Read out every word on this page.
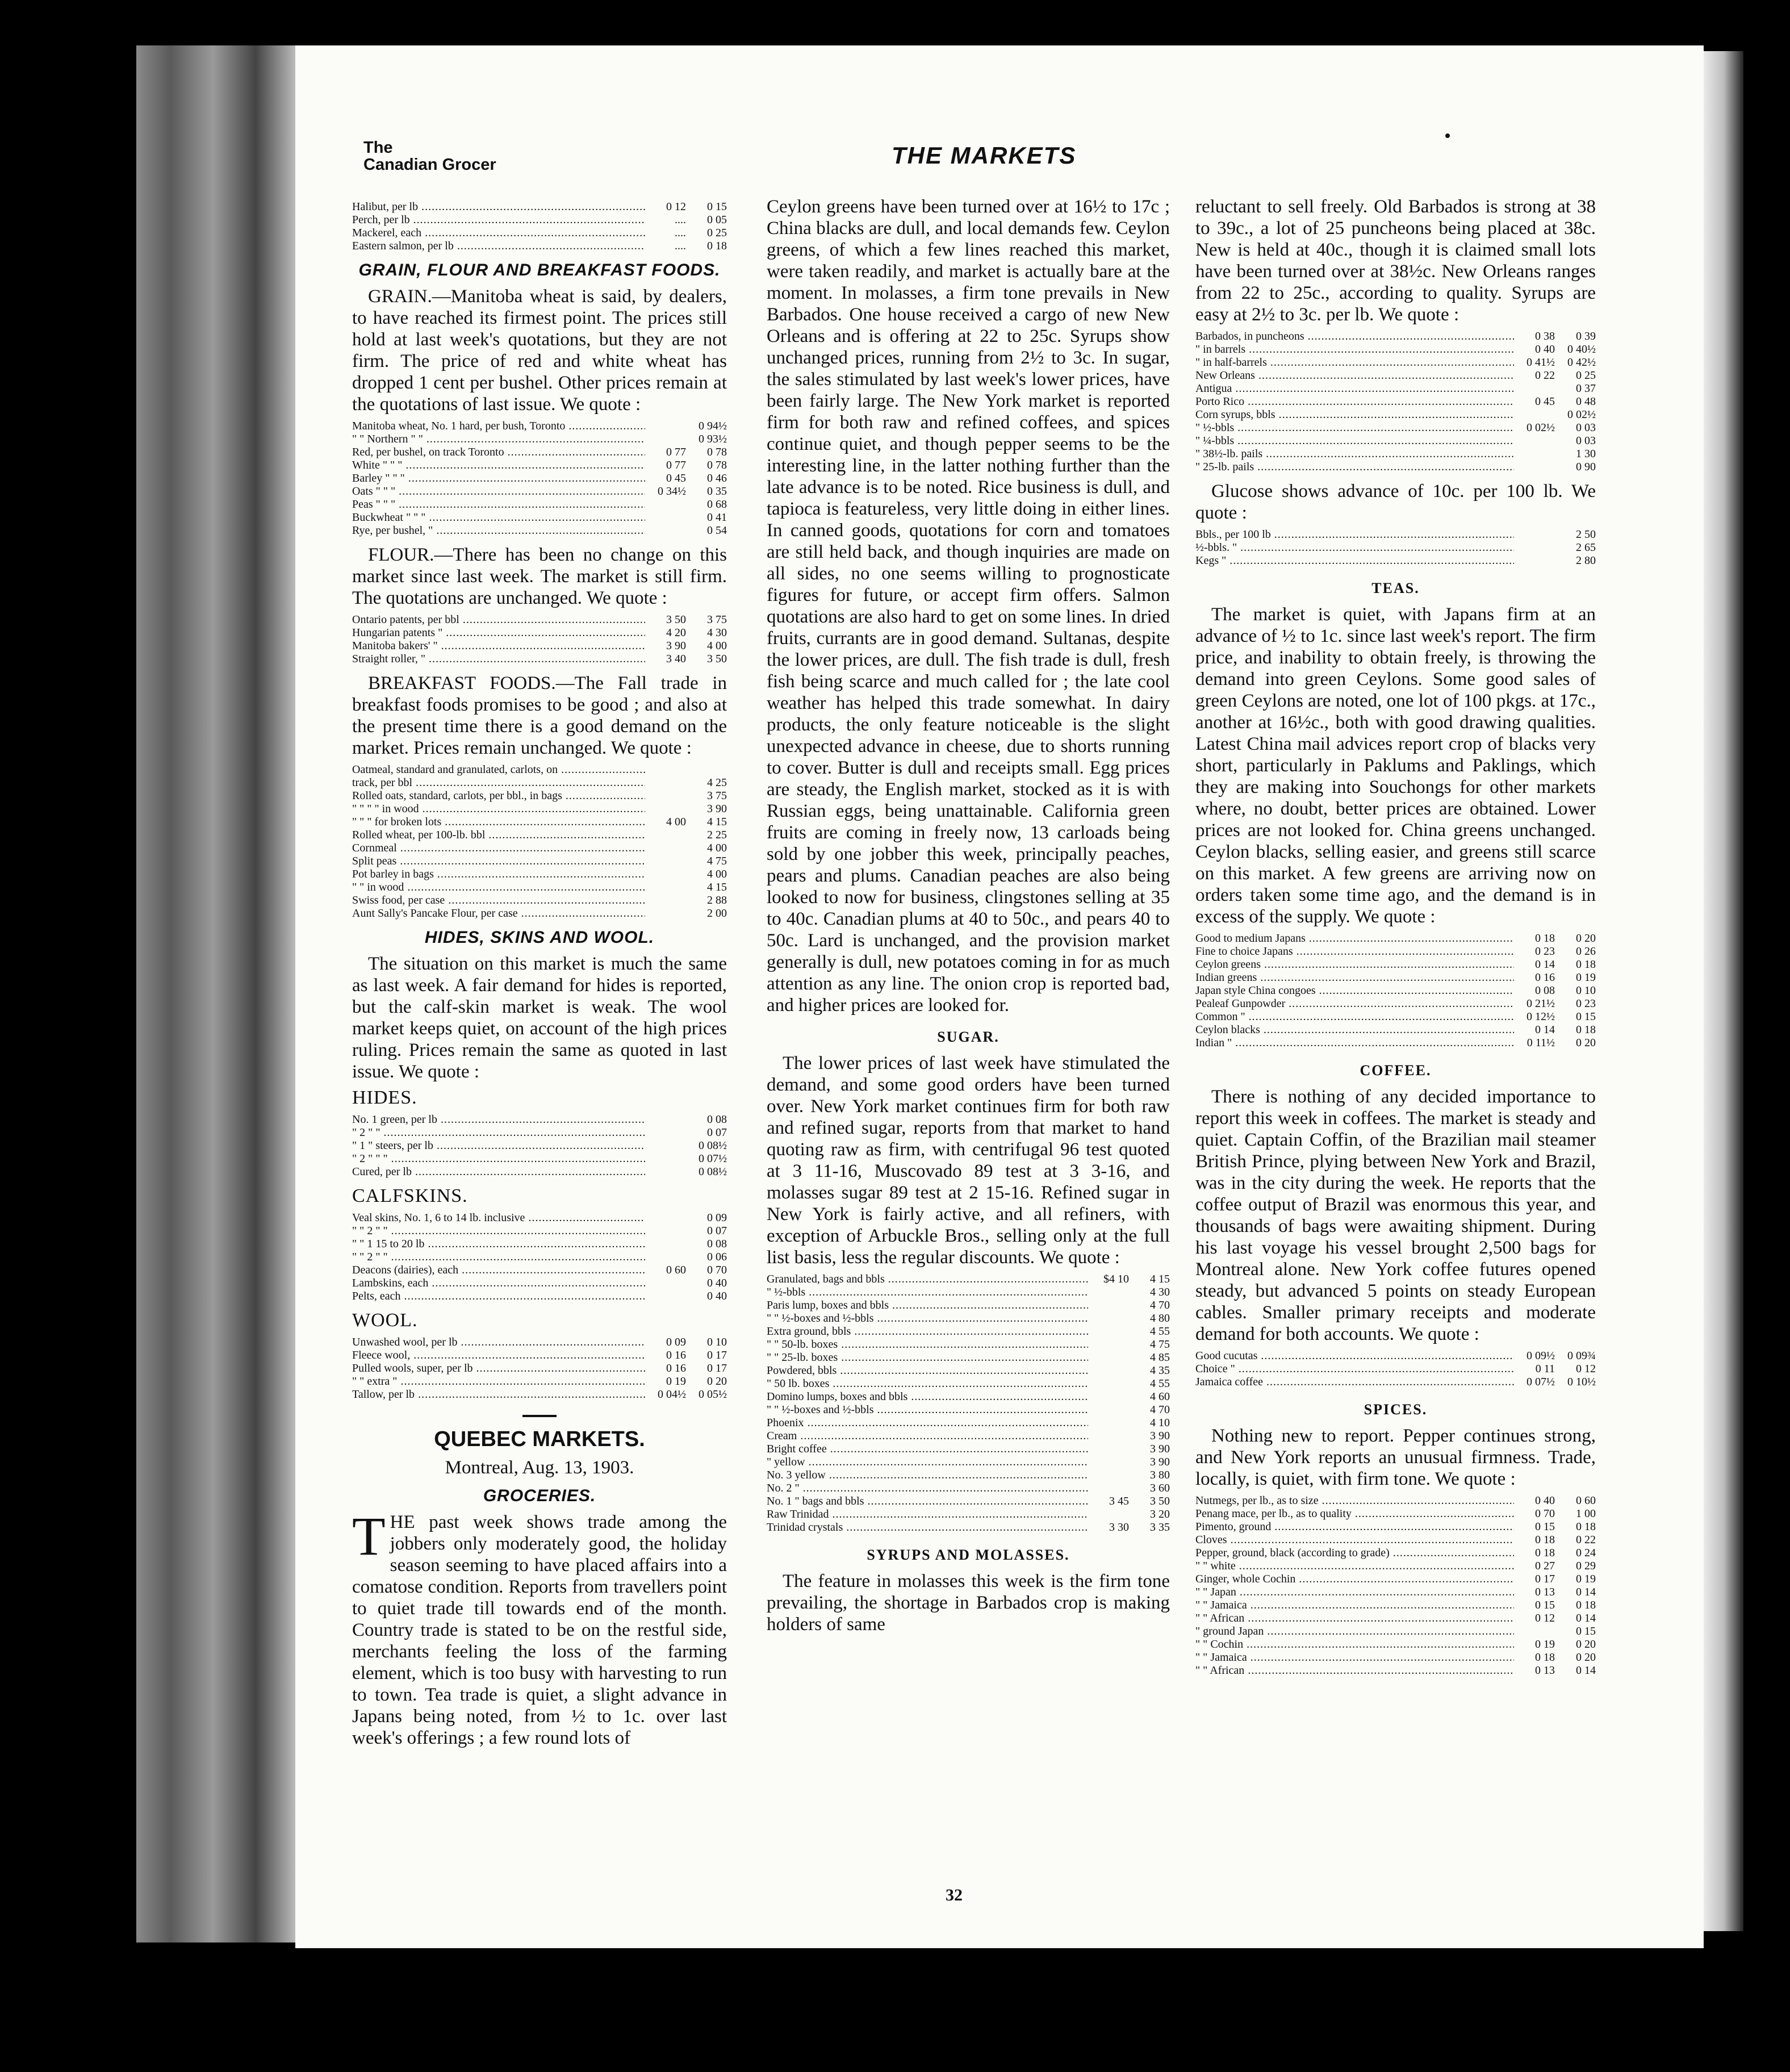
The
Canadian Grocer	THE MARKETS
Halibut, per lb .....	0 12	0 15
Perch, per lb .....	....	0 05
Mackerel, each .....	....	0 25
Eastern salmon, per lb .....	....	0 18
GRAIN, FLOUR AND BREAKFAST FOODS.

GRAIN.—Manitoba wheat is said, by dealers, to have reached its firmest point. The prices still hold at last week's quotations, but they are not firm. The price of red and white wheat has dropped 1 cent per bushel. Other prices remain at the quotations of last issue. We quote :

Manitoba wheat, No. 1 hard, per bush, Toronto .....	0 94½
" " Northern " " .....	0 93½
Red, per bushel, on track Toronto .....	0 77	0 78
White " " " .....	0 77	0 78
Barley " " " .....	0 45	0 46
Oats " " " .....	0 34½	0 35
Peas " " " .....	0 68
Buckwheat " " " .....	0 41
Rye, per bushel, " .....	0 54

FLOUR.—There has been no change on this market since last week. The market is still firm. The quotations are unchanged. We quote :

Ontario patents, per bbl .....	3 50	3 75
Hungarian patents " .....	4 20	4 30
Manitoba bakers' " .....	3 90	4 00
Straight roller, " .....	3 40	3 50

BREAKFAST FOODS.—The Fall trade in breakfast foods promises to be good ; and also at the present time there is a good demand on the market. Prices remain unchanged. We quote :

Oatmeal, standard and granulated, carlots, on .....
track, per bbl .....	4 25
Rolled oats, standard, carlots, per bbl., in bags .....	3 75
" " " " in wood .....	3 90
" " " for broken lots .....	4 00	4 15
Rolled wheat, per 100-lb. bbl .....	2 25
Cornmeal .....	4 00
Split peas .....	4 75
Pot barley in bags .....	4 00
" " in wood .....	4 15
Swiss food, per case .....	2 88
Aunt Sally's Pancake Flour, per case .....	2 00
HIDES, SKINS AND WOOL.

The situation on this market is much the same as last week. A fair demand for hides is reported, but the calf-skin market is weak. The wool market keeps quiet, on account of the high prices ruling. Prices remain the same as quoted in last issue. We quote :

HIDES.
No. 1 green, per lb .....	0 08
" 2 " " .....	0 07
" 1 " steers, per lb .....	0 08½
" 2 " " " .....	0 07½
Cured, per lb .....	0 08½
CALFSKINS.
Veal skins, No. 1, 6 to 14 lb. inclusive .....	0 09
" " 2 " " .....	0 07
" " 1 15 to 20 lb .....	0 08
" " 2 " " .....	0 06
Deacons (dairies), each .....	0 60	0 70
Lambskins, each .....	0 40
Pelts, each .....	0 40
WOOL.
Unwashed wool, per lb .....	0 09	0 10
Fleece wool, .....	0 16	0 17
Pulled wools, super, per lb .....	0 16	0 17
" " extra " .....	0 19	0 20
Tallow, per lb .....	0 04½	0 05½
QUEBEC MARKETS.
Montreal, Aug. 13, 1903.
GROCERIES.

THE past week shows trade among the jobbers only moderately good, the holiday season seeming to have placed affairs into a comatose condition. Reports from travellers point to quiet trade till towards end of the month. Country trade is stated to be on the restful side, merchants feeling the loss of the farming element, which is too busy with harvesting to run to town. Tea trade is quiet, a slight advance in Japans being noted, from ½ to 1c. over last week's offerings ; a few round lots of

Ceylon greens have been turned over at 16½ to 17c ; China blacks are dull, and local demands few. Ceylon greens, of which a few lines reached this market, were taken readily, and market is actually bare at the moment. In molasses, a firm tone prevails in New Barbados. One house received a cargo of new New Orleans and is offering at 22 to 25c. Syrups show unchanged prices, running from 2½ to 3c. In sugar, the sales stimulated by last week's lower prices, have been fairly large. The New York market is reported firm for both raw and refined coffees, and spices continue quiet, and though pepper seems to be the interesting line, in the latter nothing further than the late advance is to be noted. Rice business is dull, and tapioca is featureless, very little doing in either lines. In canned goods, quotations for corn and tomatoes are still held back, and though inquiries are made on all sides, no one seems willing to prognosticate figures for future, or accept firm offers. Salmon quotations are also hard to get on some lines. In dried fruits, currants are in good demand. Sultanas, despite the lower prices, are dull. The fish trade is dull, fresh fish being scarce and much called for ; the late cool weather has helped this trade somewhat. In dairy products, the only feature noticeable is the slight unexpected advance in cheese, due to shorts running to cover. Butter is dull and receipts small. Egg prices are steady, the English market, stocked as it is with Russian eggs, being unattainable. California green fruits are coming in freely now, 13 carloads being sold by one jobber this week, principally peaches, pears and plums. Canadian peaches are also being looked to now for business, clingstones selling at 35 to 40c. Canadian plums at 40 to 50c., and pears 40 to 50c. Lard is unchanged, and the provision market generally is dull, new potatoes coming in for as much attention as any line. The onion crop is reported bad, and higher prices are looked for.

SUGAR.

The lower prices of last week have stimulated the demand, and some good orders have been turned over. New York market continues firm for both raw and refined sugar, reports from that market to hand quoting raw as firm, with centrifugal 96 test quoted at 3 11-16, Muscovado 89 test at 3 3-16, and molasses sugar 89 test at 2 15-16. Refined sugar in New York is fairly active, and all refiners, with exception of Arbuckle Bros., selling only at the full list basis, less the regular discounts. We quote :

Granulated, bags and bbls .....	$4 10	4 15
" ½-bbls .....	4 30
Paris lump, boxes and bbls .....	4 70
" " ½-boxes and ½-bbls .....	4 80
Extra ground, bbls .....	4 55
" " 50-lb. boxes .....	4 75
" " 25-lb. boxes .....	4 85
Powdered, bbls .....	4 35
" 50 lb. boxes .....	4 55
Domino lumps, boxes and bbls .....	4 60
" " ½-boxes and ½-bbls .....	4 70
Phoenix .....	4 10
Cream .....	3 90
Bright coffee .....	3 90
" yellow .....	3 90
No. 3 yellow .....	3 80
No. 2 " .....	3 60
No. 1 " bags and bbls .....	3 45	3 50
Raw Trinidad .....	3 20
Trinidad crystals .....	3 30	3 35
SYRUPS AND MOLASSES.

The feature in molasses this week is the firm tone prevailing, the shortage in Barbados crop is making holders of same

reluctant to sell freely. Old Barbados is strong at 38 to 39c., a lot of 25 puncheons being placed at 38c. New is held at 40c., though it is claimed small lots have been turned over at 38½c. New Orleans ranges from 22 to 25c., according to quality. Syrups are easy at 2½ to 3c. per lb. We quote :

Barbados, in puncheons .....	0 38	0 39
" in barrels .....	0 40	0 40½
" in half-barrels .....	0 41½	0 42½
New Orleans .....	0 22	0 25
Antigua .....	0 37
Porto Rico .....	0 45	0 48
Corn syrups, bbls .....	0 02½
" ½-bbls .....	0 02½	0 03
" ¼-bbls .....	0 03
" 38½-lb. pails .....	1 30
" 25-lb. pails .....	0 90

Glucose shows advance of 10c. per 100 lb. We quote :

Bbls., per 100 lb .....	2 50
½-bbls. " .....	2 65
Kegs " .....	2 80
TEAS.

The market is quiet, with Japans firm at an advance of ½ to 1c. since last week's report. The firm price, and inability to obtain freely, is throwing the demand into green Ceylons. Some good sales of green Ceylons are noted, one lot of 100 pkgs. at 17c., another at 16½c., both with good drawing qualities. Latest China mail advices report crop of blacks very short, particularly in Paklums and Paklings, which they are making into Souchongs for other markets where, no doubt, better prices are obtained. Lower prices are not looked for. China greens unchanged. Ceylon blacks, selling easier, and greens still scarce on this market. A few greens are arriving now on orders taken some time ago, and the demand is in excess of the supply. We quote :

Good to medium Japans .....	0 18	0 20
Fine to choice Japans .....	0 23	0 26
Ceylon greens .....	0 14	0 18
Indian greens .....	0 16	0 19
Japan style China congoes .....	0 08	0 10
Pealeaf Gunpowder .....	0 21½	0 23
Common " .....	0 12½	0 15
Ceylon blacks .....	0 14	0 18
Indian " .....	0 11½	0 20
COFFEE.

There is nothing of any decided importance to report this week in coffees. The market is steady and quiet. Captain Coffin, of the Brazilian mail steamer British Prince, plying between New York and Brazil, was in the city during the week. He reports that the coffee output of Brazil was enormous this year, and thousands of bags were awaiting shipment. During his last voyage his vessel brought 2,500 bags for Montreal alone. New York coffee futures opened steady, but advanced 5 points on steady European cables. Smaller primary receipts and moderate demand for both accounts. We quote :

Good cucutas .....	0 09½	0 09¾
Choice " .....	0 11	0 12
Jamaica coffee .....	0 07½	0 10½
SPICES.

Nothing new to report. Pepper continues strong, and New York reports an unusual firmness. Trade, locally, is quiet, with firm tone. We quote :

Nutmegs, per lb., as to size .....	0 40	0 60
Penang mace, per lb., as to quality .....	0 70	1 00
Pimento, ground .....	0 15	0 18
Cloves .....	0 18	0 22
Pepper, ground, black (according to grade) .....	0 18	0 24
" " white .....	0 27	0 29
Ginger, whole Cochin .....	0 17	0 19
" " Japan .....	0 13	0 14
" " Jamaica .....	0 15	0 18
" " African .....	0 12	0 14
" ground Japan .....	0 15
" " Cochin .....	0 19	0 20
" " Jamaica .....	0 18	0 20
" " African .....	0 13	0 14
32
